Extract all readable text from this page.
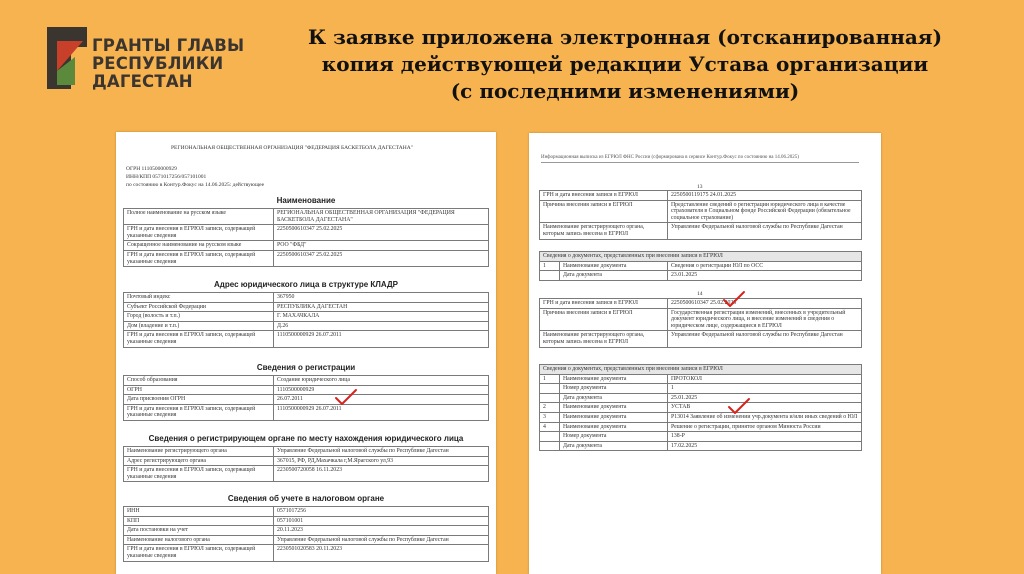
ГРАНТЫ ГЛАВЫ
РЕСПУБЛИКИ
ДАГЕСТАН
К заявке приложена электронная (отсканированная)
копия действующей редакции Устава организации
(с последними изменениями)
РЕГИОНАЛЬНАЯ ОБЩЕСТВЕННАЯ ОРГАНИЗАЦИЯ "ФЕДЕРАЦИЯ БАСКЕТБОЛА ДАГЕСТАНА"
ОГРН 1110500000929
ИНН/КПП 0571017256/057101001
по состоянию в Контур.Фокус на 14.06.2025: действующее
Наименование
Полное наименование на русском языке	РЕГИОНАЛЬНАЯ ОБЩЕСТВЕННАЯ ОРГАНИЗАЦИЯ "ФЕДЕРАЦИЯ БАСКЕТБОЛА ДАГЕСТАНА"
ГРН и дата внесения в ЕГРЮЛ записи, содержащей указанные сведения	2250500610347 25.02.2025
Сокращенное наименование на русском языке	РОО "ФБД"
ГРН и дата внесения в ЕГРЮЛ записи, содержащей указанные сведения	2250500610347 25.02.2025
Адрес юридического лица в структуре КЛАДР
Почтовый индекс	367950
Субъект Российской Федерации	РЕСПУБЛИКА ДАГЕСТАН
Город (волость и т.п.)	Г. МАХАЧКАЛА
Дом (владение и т.п.)	Д.26
ГРН и дата внесения в ЕГРЮЛ записи, содержащей указанные сведения	1110500000929 26.07.2011
Сведения о регистрации
Способ образования	Создание юридического лица
ОГРН	1110500000929
Дата присвоения ОГРН	26.07.2011
ГРН и дата внесения в ЕГРЮЛ записи, содержащей указанные сведения	1110500000929 26.07.2011
Сведения о регистрирующем органе по месту нахождения юридического лица
Наименование регистрирующего органа	Управление Федеральной налоговой службы по Республике Дагестан
Адрес регистрирующего органа	367015, РФ, РД,Махачкала г,М.Ярагского ул,93
ГРН и дата внесения в ЕГРЮЛ записи, содержащей указанные сведения	2230500720058 16.11.2023
Сведения об учете в налоговом органе
ИНН	0571017256
КПП	057101001
Дата постановки на учет	20.11.2023
Наименование налогового органа	Управление Федеральной налоговой службы по Республике Дагестан
ГРН и дата внесения в ЕГРЮЛ записи, содержащей указанные сведения	2230501020583 20.11.2023
Информационная выписка из ЕГРЮЛ ФНС России (сформирована в сервисе Контур.Фокус по состоянию на 14.06.2025)
13
ГРН и дата внесения записи в ЕГРЮЛ	2250500119175 24.01.2025
Причина внесения записи в ЕГРЮЛ	Представление сведений о регистрации юридического лица в качестве страхователя в Социальном фонде Российской Федерации (обязательное социальное страхование)
Наименование регистрирующего органа, которым запись внесена в ЕГРЮЛ	Управление Федеральной налоговой службы по Республике Дагестан
Сведения о документах, представленных при внесении записи в ЕГРЮЛ		
1	Наименование документа	Сведения о регистрации ЮЛ по ОСС
	Дата документа	23.01.2025
14
ГРН и дата внесения записи в ЕГРЮЛ	2250500610347 25.02.2025
Причина внесения записи в ЕГРЮЛ	Государственная регистрация изменений, внесенных в учредительный документ юридического лица, и внесение изменений в сведения о юридическом лице, содержащиеся в ЕГРЮЛ
Наименование регистрирующего органа, которым запись внесена в ЕГРЮЛ	Управление Федеральной налоговой службы по Республике Дагестан
Сведения о документах, представленных при внесении записи в ЕГРЮЛ		
1	Наименование документа	ПРОТОКОЛ
	Номер документа	1
	Дата документа	25.01.2025
2	Наименование документа	УСТАВ
3	Наименование документа	Р13014 Заявление об изменении учр.документа и/или иных сведений о ЮЛ
4	Наименование документа	Решение о регистрации, принятое органом Минюста России
	Номер документа	138-Р
	Дата документа	17.02.2025
